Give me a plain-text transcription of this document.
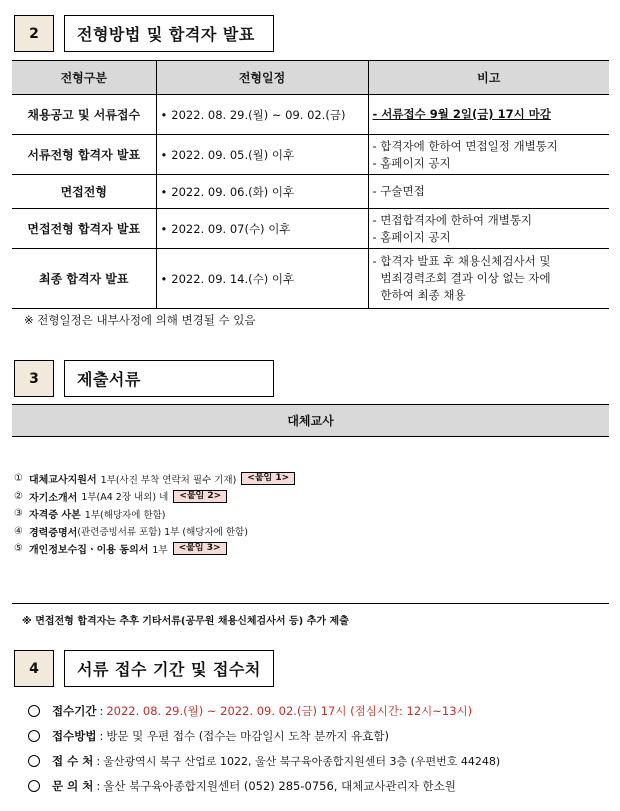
2	전형방법 및 합격자 발표
전형구분	전형일정	비고
채용공고 및 서류접수	• 2022. 08. 29.(월) ~ 09. 02.(금)	- 서류접수 9월 2일(금) 17시 마감

서류전형 합격자 발표	• 2022. 09. 05.(월) 이후	- 합격자에 한하여 면접일정 개별통지
- 홈페이지 공지

면접전형	• 2022. 09. 06.(화) 이후	- 구술면접

면접전형 합격자 발표	• 2022. 09. 07(수) 이후	- 면접합격자에 한하여 개별통지
- 홈페이지 공지

최종 합격자 발표	• 2022. 09. 14.(수) 이후	- 합격자 발표 후 채용신체검사서 및
범죄경력조회 결과 이상 없는 자에
한하여 최종 채용
※ 전형일정은 내부사정에 의해 변경될 수 있음
3	제출서류
대체교사
① 대체교사지원서 1부(사진 부착 연락처 필수 기재)	<붙임 1>
② 자기소개서 1부(A4 2장 내외) 네	<붙임 2>
③ 자격증 사본 1부(해당자에 한함)
④ 경력증명서 (관련증빙서류 포함) 1부 (해당자에 한함)
⑤ 개인정보수집ㆍ이용 동의서 1부	<붙임 3>
※ 면접전형 합격자는 추후 기타서류(공무원 채용신체검사서 등) 추가 제출
4	서류 접수 기간 및 접수처
접수기간 : 2022. 08. 29.(월) ~ 2022. 09. 02.(금) 17시 (점심시간: 12시~13시)
접수방법 : 방문 및 우편 접수 (접수는 마감일시 도착 분까지 유효함)
접 수 처 : 울산광역시 북구 산업로 1022, 울산 북구육아종합지원센터 3층 (우편번호 44248)
문 의 처 : 울산 북구육아종합지원센터 (052) 285-0756, 대체교사관리자 한소원
